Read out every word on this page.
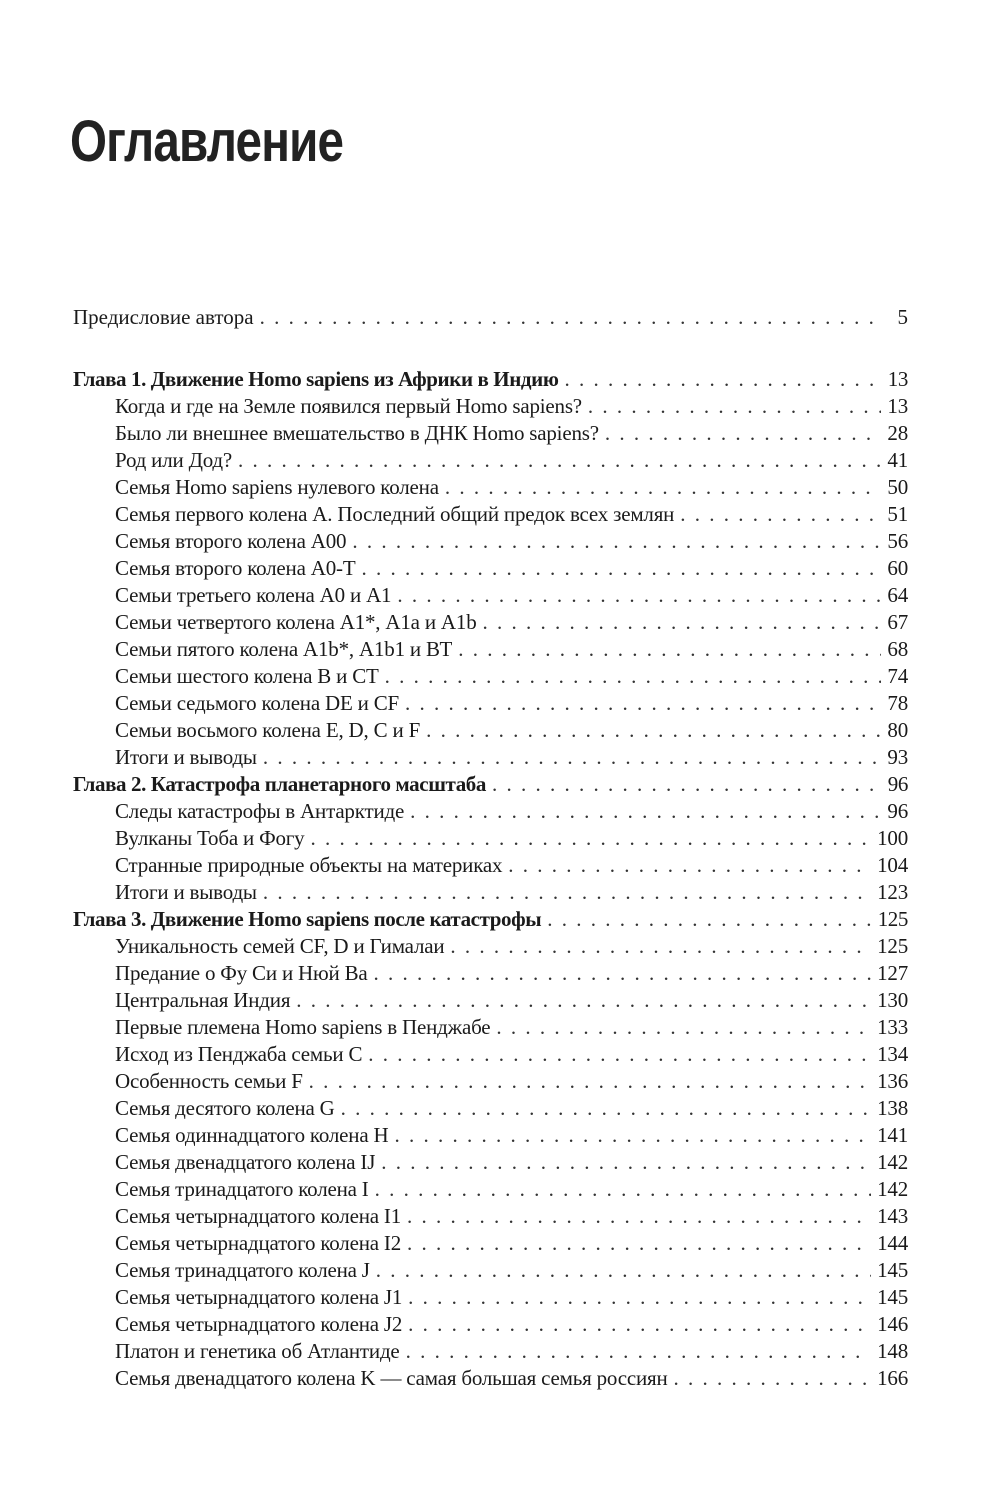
Оглавление
Предисловие автора . . .	5
Глава 1. Движение Homo sapiens из Африки в Индию . . .	13
Когда и где на Земле появился первый Homo sapiens? . . .	13
Было ли внешнее вмешательство в ДНК Homo sapiens? . . .	28
Род или Дод? . . .	41
Семья Homo sapiens нулевого колена . . .	50
Семья первого колена А. Последний общий предок всех землян . . .	51
Семья второго колена А00 . . .	56
Семья второго колена А0-Т . . .	60
Семьи третьего колена А0 и А1 . . .	64
Семьи четвертого колена А1*, А1a и А1b . . .	67
Семьи пятого колена А1b*, А1b1 и ВТ . . .	68
Семьи шестого колена В и СТ . . .	74
Семьи седьмого колена DE и CF . . .	78
Семьи восьмого колена Е, D, С и F . . .	80
Итоги и выводы . . .	93
Глава 2. Катастрофа планетарного масштаба . . .	96
Следы катастрофы в Антарктиде . . .	96
Вулканы Тоба и Фогу . . .	100
Странные природные объекты на материках . . .	104
Итоги и выводы . . .	123
Глава 3. Движение Homo sapiens после катастрофы . . .	125
Уникальность семей CF, D и Гималаи . . .	125
Предание о Фу Си и Нюй Ва . . .	127
Центральная Индия . . .	130
Первые племена Homo sapiens в Пенджабе . . .	133
Исход из Пенджаба семьи С . . .	134
Особенность семьи F . . .	136
Семья десятого колена G . . .	138
Семья одиннадцатого колена Н . . .	141
Семья двенадцатого колена IJ . . .	142
Семья тринадцатого колена I . . .	142
Семья четырнадцатого колена I1 . . .	143
Семья четырнадцатого колена I2 . . .	144
Семья тринадцатого колена J . . .	145
Семья четырнадцатого колена J1 . . .	145
Семья четырнадцатого колена J2 . . .	146
Платон и генетика об Атлантиде . . .	148
Семья двенадцатого колена K — самая большая семья россиян . . .	166
